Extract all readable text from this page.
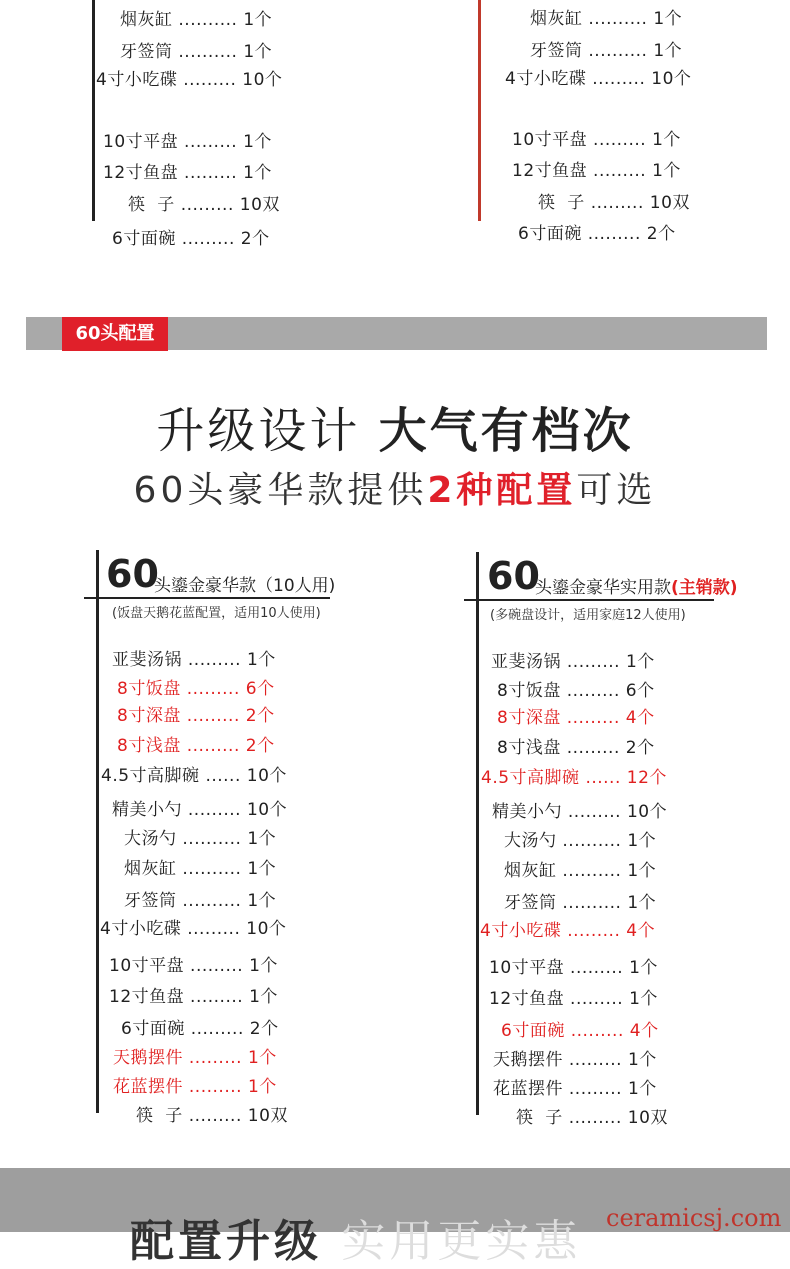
烟灰缸 .......... 1个
牙签筒 .......... 1个
4寸小吃碟 ......... 10个
10寸平盘 ......... 1个
12寸鱼盘 ......... 1个
筷  子 ......... 10双
6寸面碗 ......... 2个
烟灰缸 .......... 1个
牙签筒 .......... 1个
4寸小吃碟 ......... 10个
10寸平盘 ......... 1个
12寸鱼盘 ......... 1个
筷  子 ......... 10双
6寸面碗 ......... 2个
60头配置
升级设计 大气有档次
60头豪华款提供2种配置可选
60
头鎏金豪华款（10人用)
(饭盘天鹅花蓝配置，适用10人使用)
亚斐汤锅 ......... 1个
8寸饭盘 ......... 6个
8寸深盘 ......... 2个
8寸浅盘 ......... 2个
4.5寸高脚碗 ...... 10个
精美小勺 ......... 10个
大汤勺 .......... 1个
烟灰缸 .......... 1个
牙签筒 .......... 1个
4寸小吃碟 ......... 10个
10寸平盘 ......... 1个
12寸鱼盘 ......... 1个
6寸面碗 ......... 2个
天鹅摆件 ......... 1个
花蓝摆件 ......... 1个
筷  子 ......... 10双
60
头鎏金豪华实用款(主销款)
(多碗盘设计，适用家庭12人使用)
亚斐汤锅 ......... 1个
8寸饭盘 ......... 6个
8寸深盘 ......... 4个
8寸浅盘 ......... 2个
4.5寸高脚碗 ...... 12个
精美小勺 ......... 10个
大汤勺 .......... 1个
烟灰缸 .......... 1个
牙签筒 .......... 1个
4寸小吃碟 ......... 4个
10寸平盘 ......... 1个
12寸鱼盘 ......... 1个
6寸面碗 ......... 4个
天鹅摆件 ......... 1个
花蓝摆件 ......... 1个
筷  子 ......... 10双
配置升级 实用更实惠 ceramicsj.com
